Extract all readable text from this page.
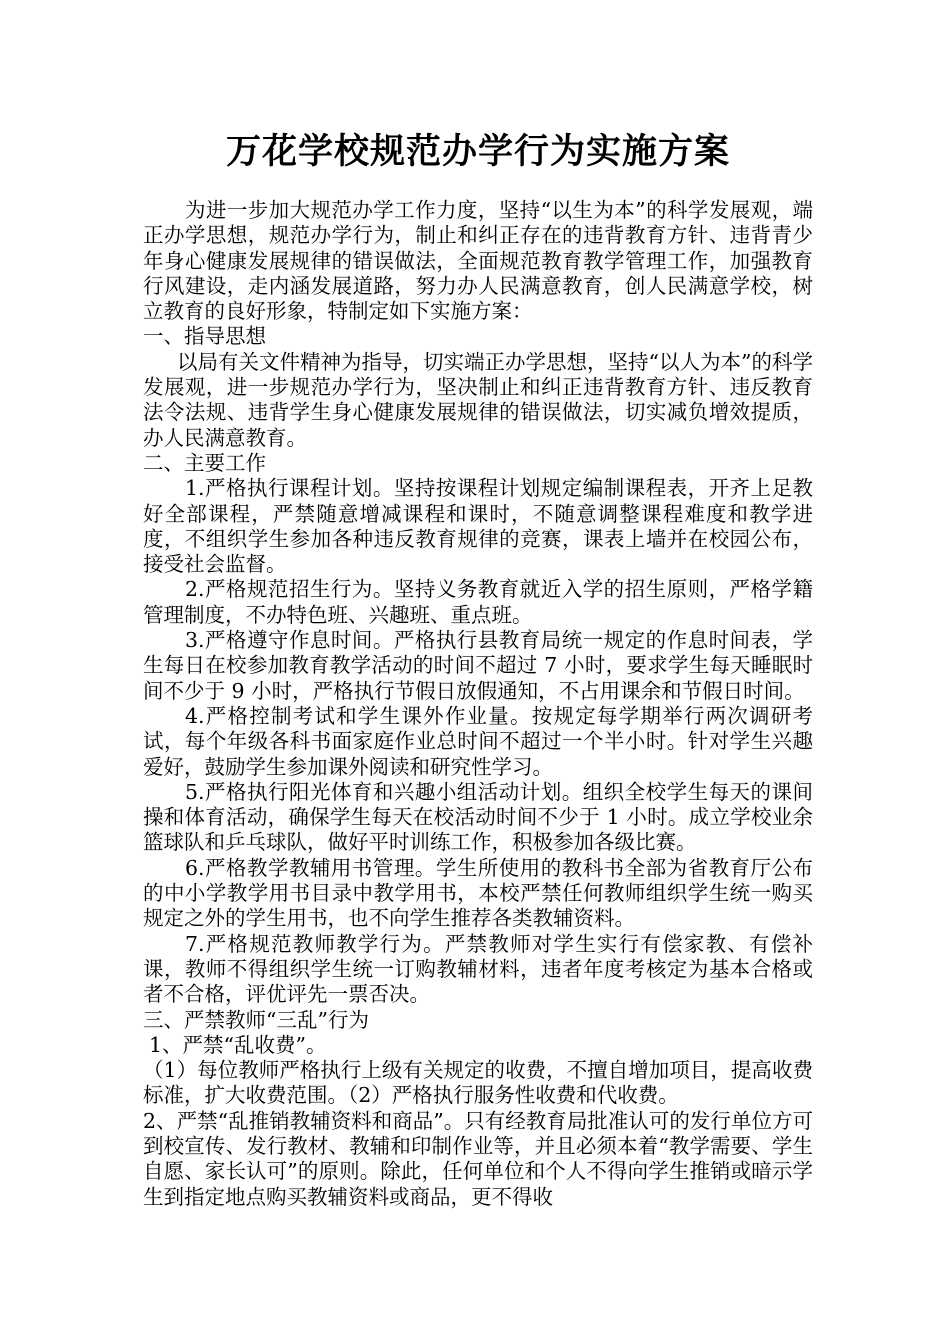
万花学校规范办学行为实施方案

为进一步加大规范办学工作力度，坚持“以生为本”的科学发展观，端正办学思想，规范办学行为，制止和纠正存在的违背教育方针、违背青少年身心健康发展规律的错误做法，全面规范教育教学管理工作，加强教育行风建设，走内涵发展道路，努力办人民满意教育，创人民满意学校，树立教育的良好形象，特制定如下实施方案：

一、指导思想

以局有关文件精神为指导，切实端正办学思想，坚持“以人为本”的科学发展观，进一步规范办学行为，坚决制止和纠正违背教育方针、违反教育法令法规、违背学生身心健康发展规律的错误做法，切实减负增效提质，办人民满意教育。

二、主要工作

1.严格执行课程计划。坚持按课程计划规定编制课程表，开齐上足教好全部课程，严禁随意增减课程和课时，不随意调整课程难度和教学进度，不组织学生参加各种违反教育规律的竞赛，课表上墙并在校园公布，接受社会监督。

2.严格规范招生行为。坚持义务教育就近入学的招生原则，严格学籍管理制度，不办特色班、兴趣班、重点班。

3.严格遵守作息时间。严格执行县教育局统一规定的作息时间表，学生每日在校参加教育教学活动的时间不超过 7 小时，要求学生每天睡眠时间不少于 9 小时，严格执行节假日放假通知，不占用课余和节假日时间。

4.严格控制考试和学生课外作业量。按规定每学期举行两次调研考试，每个年级各科书面家庭作业总时间不超过一个半小时。针对学生兴趣爱好，鼓励学生参加课外阅读和研究性学习。

5.严格执行阳光体育和兴趣小组活动计划。组织全校学生每天的课间操和体育活动，确保学生每天在校活动时间不少于 1 小时。成立学校业余篮球队和乒乓球队，做好平时训练工作，积极参加各级比赛。

6.严格教学教辅用书管理。学生所使用的教科书全部为省教育厅公布的中小学教学用书目录中教学用书，本校严禁任何教师组织学生统一购买规定之外的学生用书，也不向学生推荐各类教辅资料。

7.严格规范教师教学行为。严禁教师对学生实行有偿家教、有偿补课，教师不得组织学生统一订购教辅材料，违者年度考核定为基本合格或者不合格，评优评先一票否决。

三、严禁教师“三乱”行为

1、严禁“乱收费”。

（1）每位教师严格执行上级有关规定的收费，不擅自增加项目，提高收费标准，扩大收费范围。（2）严格执行服务性收费和代收费。

2、严禁“乱推销教辅资料和商品”。只有经教育局批准认可的发行单位方可到校宣传、发行教材、教辅和印制作业等，并且必须本着“教学需要、学生自愿、家长认可”的原则。除此，任何单位和个人不得向学生推销或暗示学生到指定地点购买教辅资料或商品，更不得收
